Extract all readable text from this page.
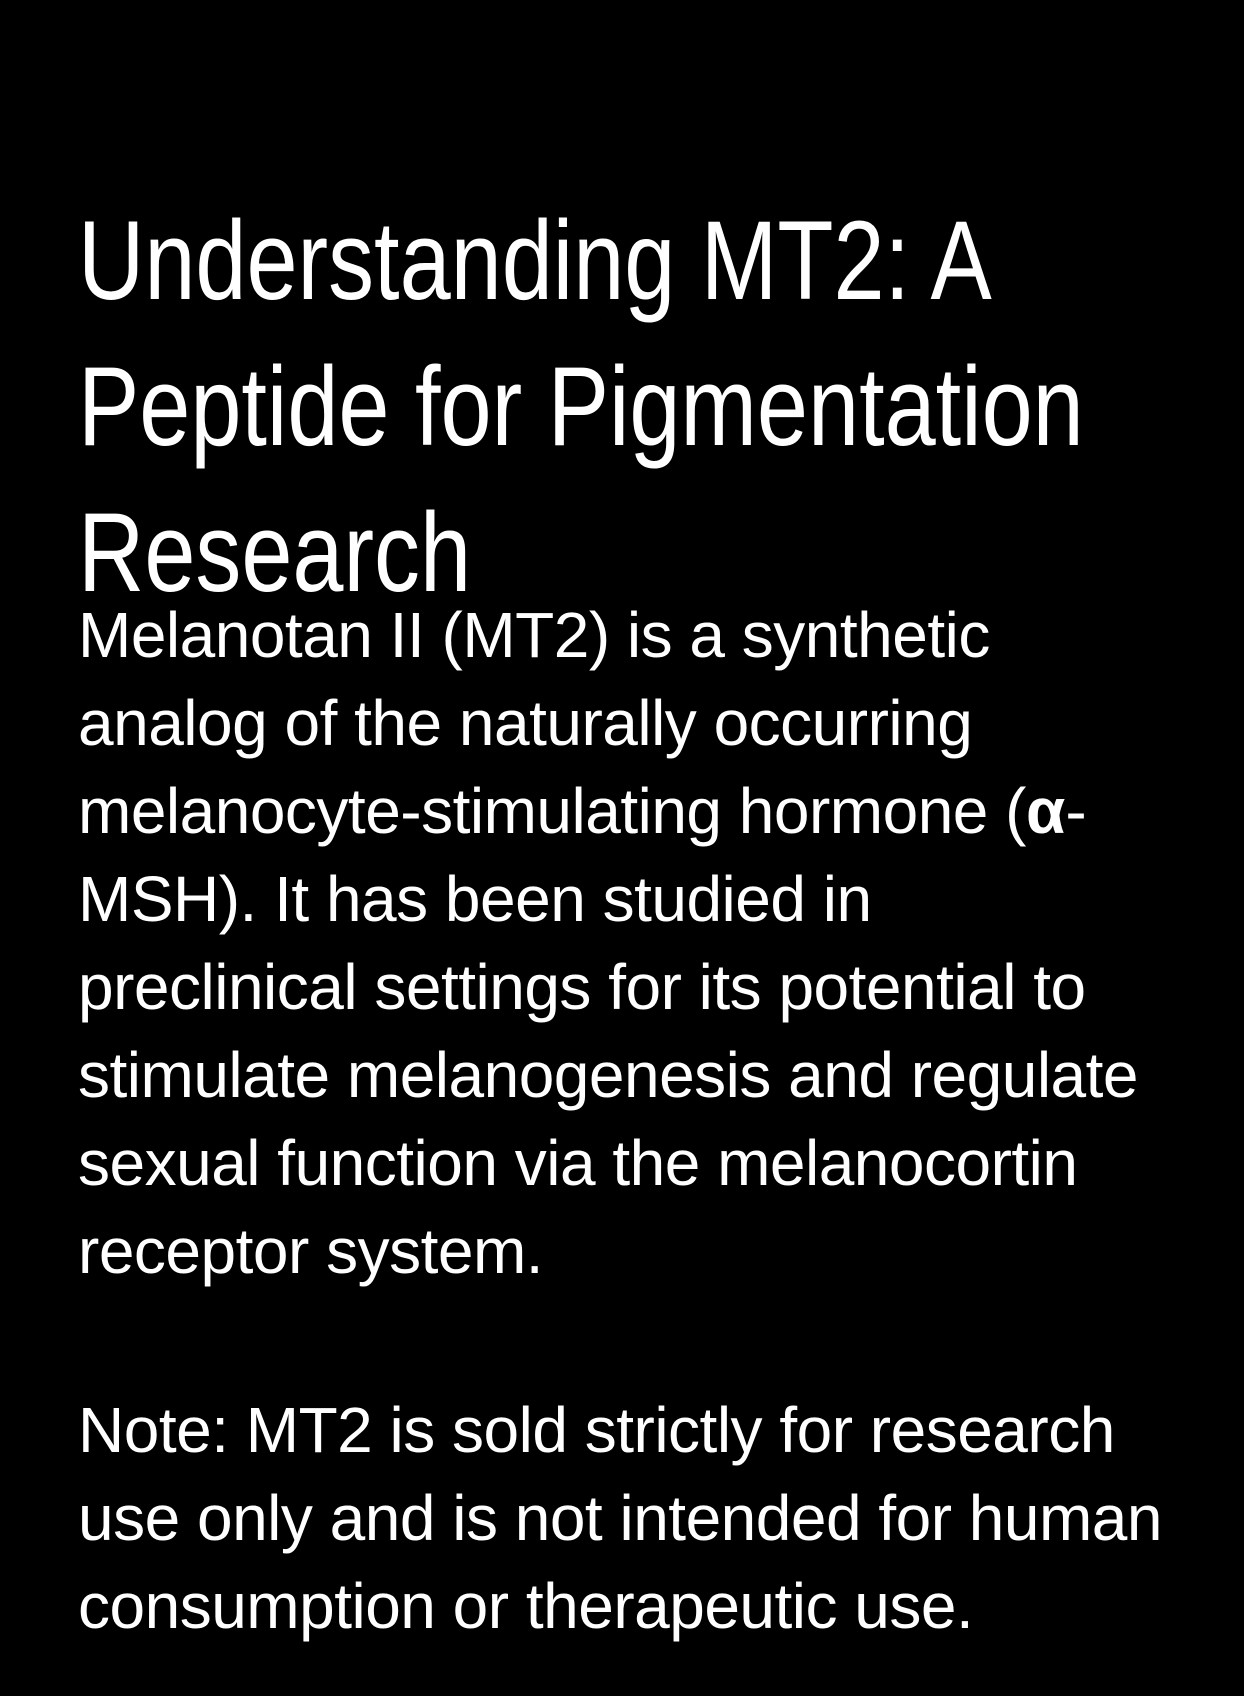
Understanding MT2: A
Peptide for Pigmentation
Research
Melanotan II (MT2) is a synthetic
analog of the naturally occurring
melanocyte-stimulating hormone (α-
MSH). It has been studied in
preclinical settings for its potential to
stimulate melanogenesis and regulate
sexual function via the melanocortin
receptor system.
Note: MT2 is sold strictly for research
use only and is not intended for human
consumption or therapeutic use.
